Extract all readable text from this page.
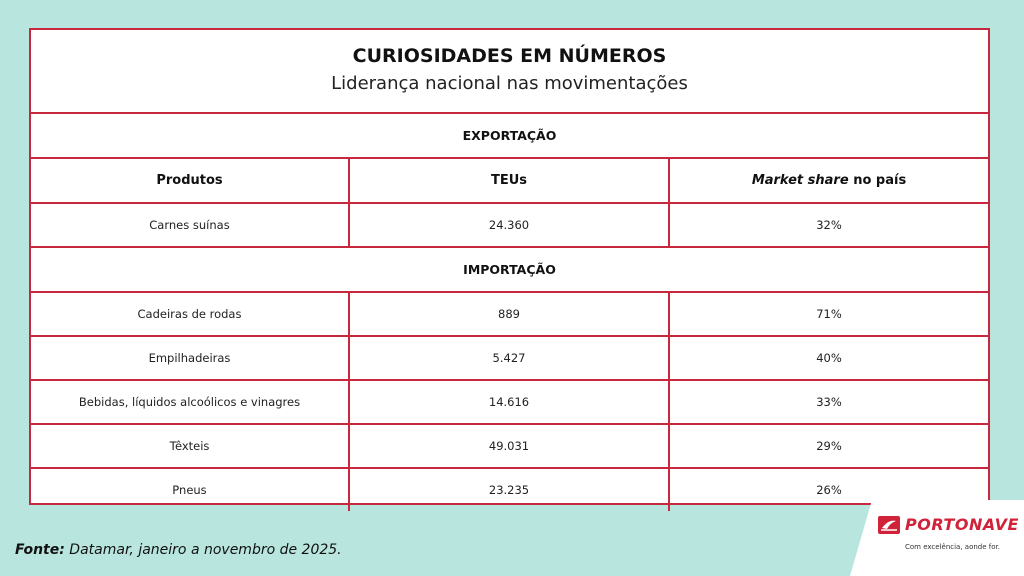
CURIOSIDADES EM NÚMEROS
Liderança nacional nas movimentações
EXPORTAÇÃO
Produtos	TEUs	Market share no país
Carnes suínas	24.360	32%
IMPORTAÇÃO
Cadeiras de rodas	889	71%
Empilhadeiras	5.427	40%
Bebidas, líquidos alcoólicos e vinagres	14.616	33%
Têxteis	49.031	29%
Pneus	23.235	26%
Fonte: Datamar, janeiro a novembro de 2025.
PORTONAVE
Com excelência, aonde for.
